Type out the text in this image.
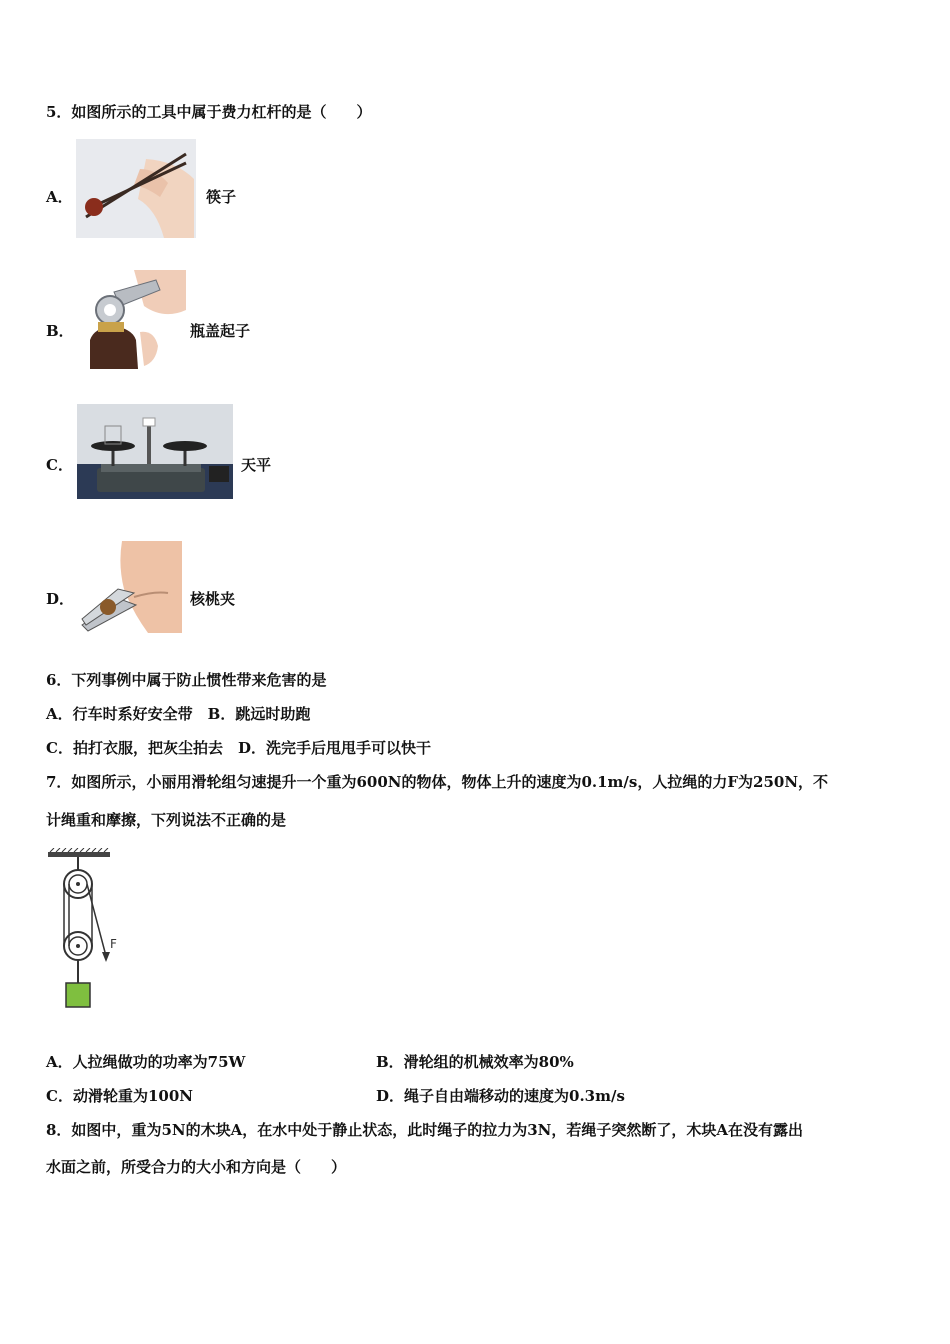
5．如图所示的工具中属于费力杠杆的是（　　）
A．	筷子
B．	瓶盖起子
C．	天平
D．	核桃夹
6．下列事例中属于防止惯性带来危害的是
A．行车时系好安全带　B．跳远时助跑
C．拍打衣服，把灰尘拍去　D．洗完手后甩甩手可以快干
7．如图所示，小丽用滑轮组匀速提升一个重为600N的物体，物体上升的速度为0.1m/s，人拉绳的力F为250N，不
计绳重和摩擦，下列说法不正确的是
F
A．人拉绳做功的功率为75W	B．滑轮组的机械效率为80%
C．动滑轮重为100N	D．绳子自由端移动的速度为0.3m/s
8．如图中，重为5N的木块A，在水中处于静止状态，此时绳子的拉力为3N，若绳子突然断了，木块A在没有露出
水面之前，所受合力的大小和方向是（　　）
